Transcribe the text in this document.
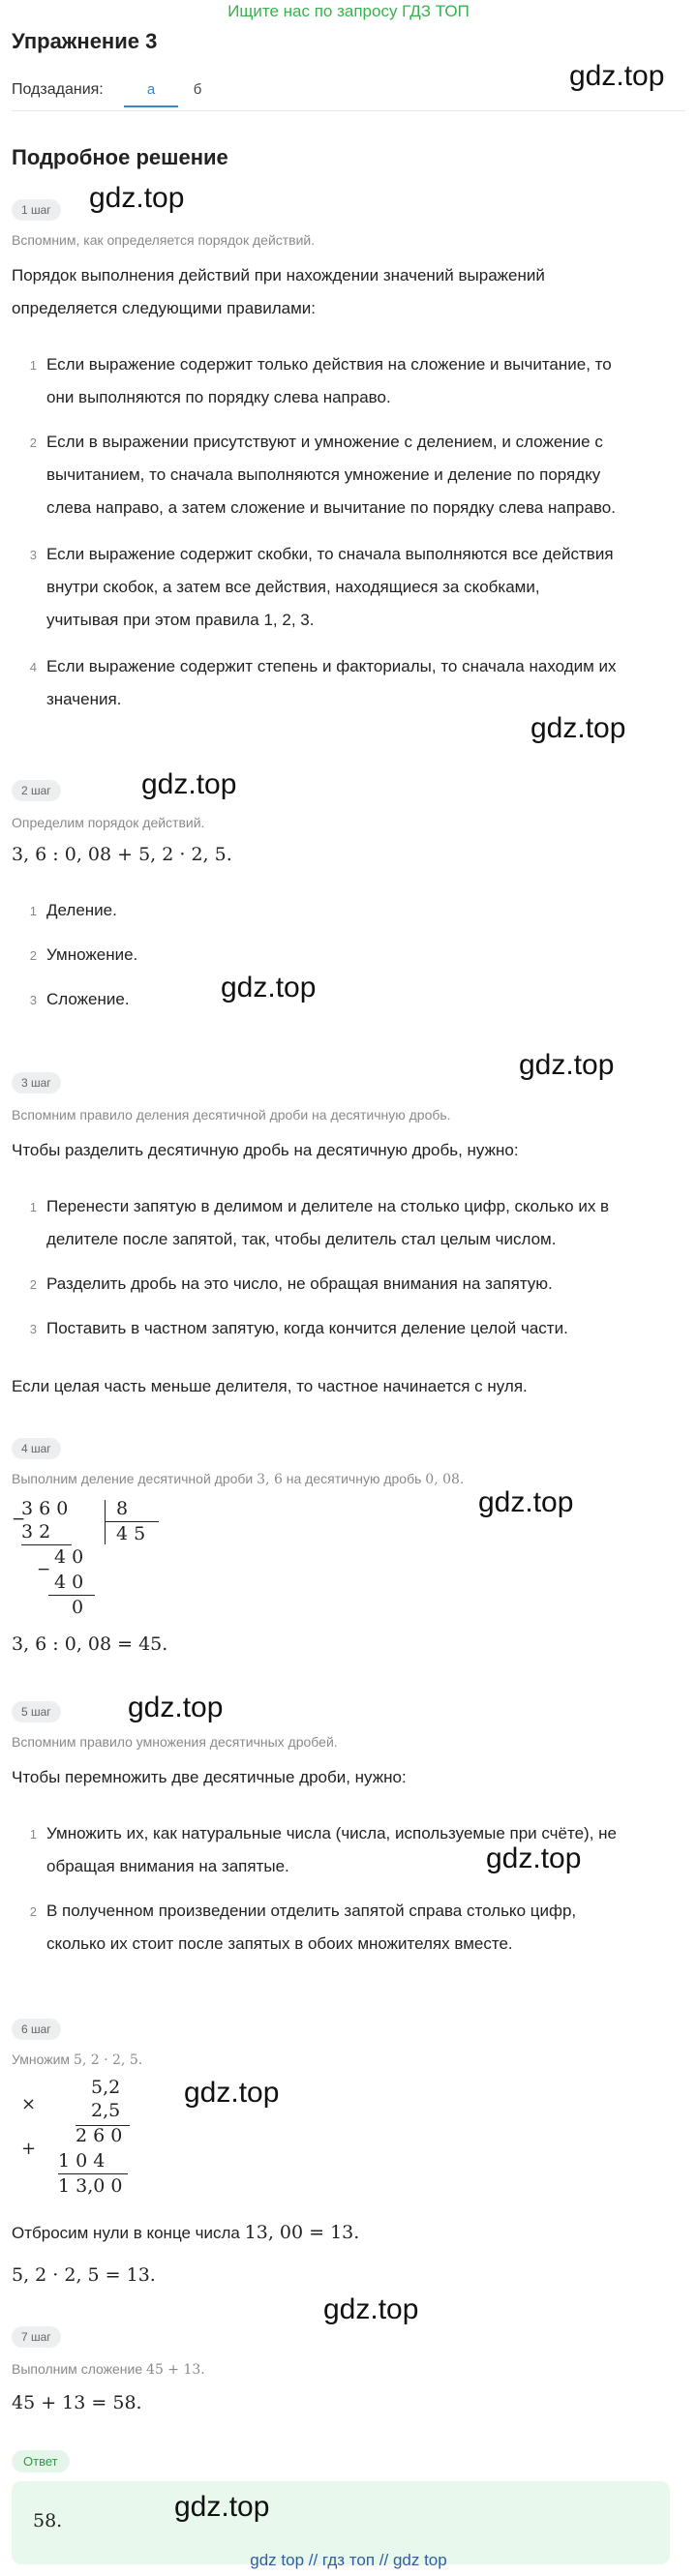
Ищите нас по запросу ГДЗ ТОП
Упражнение 3
Подзадания:	а	б	gdz.top
Подробное решение
1 шаг	gdz.top
Вспомним, как определяется порядок действий.
Порядок выполнения действий при нахождении значений выражений
определяется следующими правилами:
1 Если выражение содержит только действия на сложение и вычитание, то
они выполняются по порядку слева направо.
2 Если в выражении присутствуют и умножение с делением, и сложение с
вычитанием, то сначала выполняются умножение и деление по порядку
слева направо, а затем сложение и вычитание по порядку слева направо.
3 Если выражение содержит скобки, то сначала выполняются все действия
внутри скобок, а затем все действия, находящиеся за скобками,
учитывая при этом правила 1, 2, 3.
4 Если выражение содержит степень и факториалы, то сначала находим их
значения.
gdz.top
2 шаг	gdz.top
Определим порядок действий.
3, 6 : 0, 08 + 5, 2 · 2, 5.
1 Деление.
2 Умножение.
3 Сложение.	gdz.top
gdz.top
3 шаг
Вспомним правило деления десятичной дроби на десятичную дробь.
Чтобы разделить десятичную дробь на десятичную дробь, нужно:
1 Перенести запятую в делимом и делителе на столько цифр, сколько их в
делителе после запятой, так, чтобы делитель стал целым числом.
2 Разделить дробь на это число, не обращая внимания на запятую.
3 Поставить в частном запятую, когда кончится деление целой части.
Если целая часть меньше делителя, то частное начинается с нуля.
4 шаг
Выполним деление десятичной дроби 3, 6 на десятичную дробь 0, 08.
gdz.top
3 6 0	8
−
3 2	4 5
4 0
−
4 0
0
3, 6 : 0, 08 = 45.
5 шаг	gdz.top
Вспомним правило умножения десятичных дробей.
Чтобы перемножить две десятичные дроби, нужно:
1 Умножить их, как натуральные числа (числа, используемые при счёте), не
обращая внимания на запятые.	gdz.top
2 В полученном произведении отделить запятой справа столько цифр,
сколько их стоит после запятых в обоих множителях вместе.
6 шаг
Умножим 5, 2 · 2, 5.
gdz.top
×
5,2
2,5
+
2 6 0
1 0 4
1 3,0 0
Отбросим нули в конце числа 13, 00 = 13.
5, 2 · 2, 5 = 13.
gdz.top
7 шаг
Выполним сложение 45 + 13.
45 + 13 = 58.
Ответ
58.	gdz.top
gdz top // гдз топ // gdz top
